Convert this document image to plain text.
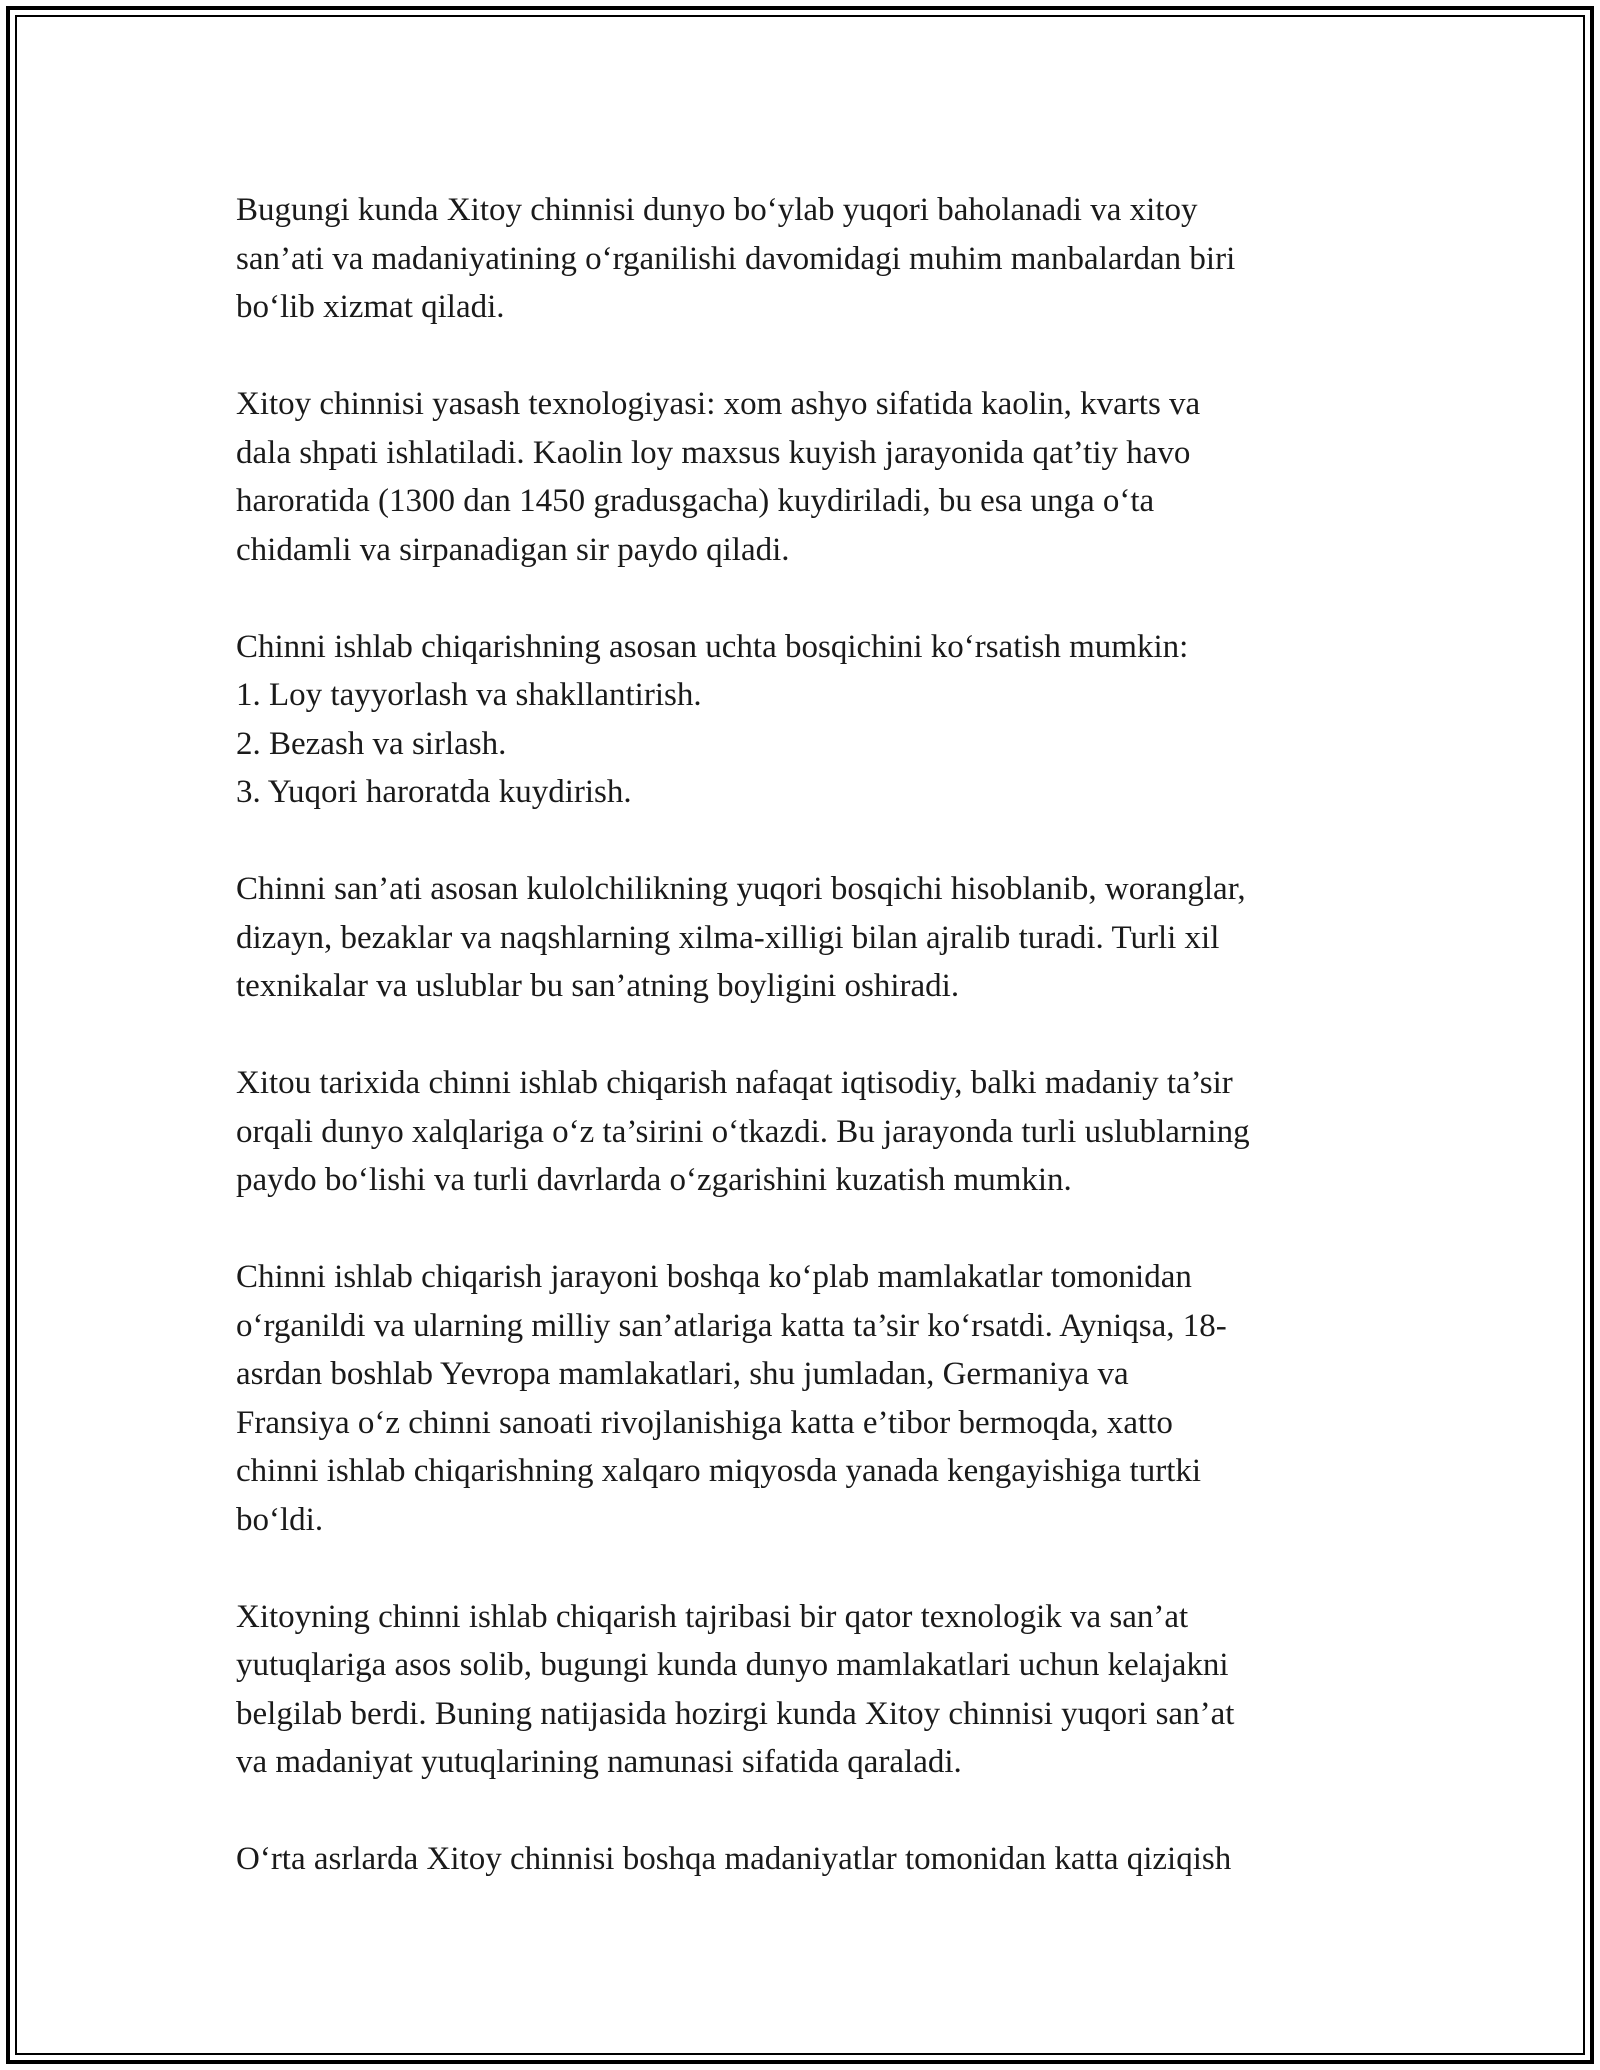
Bugungi kunda Xitoy chinnisi dunyo bo‘ylab yuqori baholanadi va xitoy
san’ati va madaniyatining o‘rganilishi davomidagi muhim manbalardan biri
bo‘lib xizmat qiladi.

Xitoy chinnisi yasash texnologiyasi: xom ashyo sifatida kaolin, kvarts va
dala shpati ishlatiladi. Kaolin loy maxsus kuyish jarayonida qat’tiy havo
haroratida (1300 dan 1450 gradusgacha) kuydiriladi, bu esa unga o‘ta
chidamli va sirpanadigan sir paydo qiladi.

Chinni ishlab chiqarishning asosan uchta bosqichini ko‘rsatish mumkin:
1. Loy tayyorlash va shakllantirish.
2. Bezash va sirlash.
3. Yuqori haroratda kuydirish.

Chinni san’ati asosan kulolchilikning yuqori bosqichi hisoblanib, woranglar,
dizayn, bezaklar va naqshlarning xilma-xilligi bilan ajralib turadi. Turli xil
texnikalar va uslublar bu san’atning boyligini oshiradi.

Xitou tarixida chinni ishlab chiqarish nafaqat iqtisodiy, balki madaniy ta’sir
orqali dunyo xalqlariga o‘z ta’sirini o‘tkazdi. Bu jarayonda turli uslublarning
paydo bo‘lishi va turli davrlarda o‘zgarishini kuzatish mumkin.

Chinni ishlab chiqarish jarayoni boshqa ko‘plab mamlakatlar tomonidan
o‘rganildi va ularning milliy san’atlariga katta ta’sir ko‘rsatdi. Ayniqsa, 18-
asrdan boshlab Yevropa mamlakatlari, shu jumladan, Germaniya va
Fransiya o‘z chinni sanoati rivojlanishiga katta e’tibor bermoqda, xatto
chinni ishlab chiqarishning xalqaro miqyosda yanada kengayishiga turtki
bo‘ldi.

Xitoyning chinni ishlab chiqarish tajribasi bir qator texnologik va san’at
yutuqlariga asos solib, bugungi kunda dunyo mamlakatlari uchun kelajakni
belgilab berdi. Buning natijasida hozirgi kunda Xitoy chinnisi yuqori san’at
va madaniyat yutuqlarining namunasi sifatida qaraladi.

O‘rta asrlarda Xitoy chinnisi boshqa madaniyatlar tomonidan katta qiziqish
